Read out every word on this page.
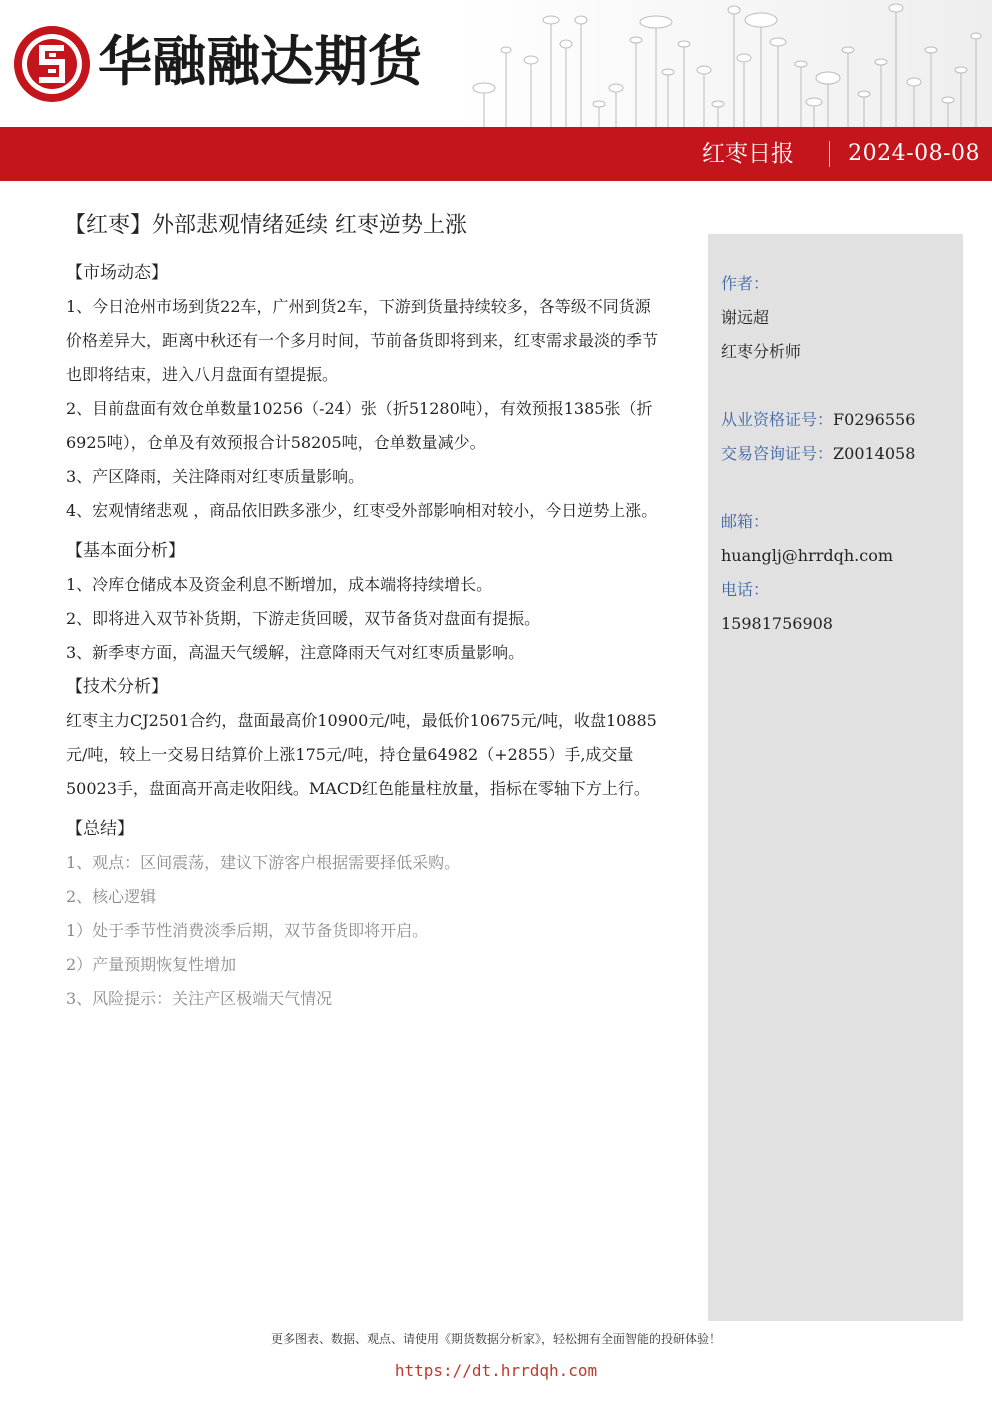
华融融达期货
红枣日报 2024-08-08
【红枣】外部悲观情绪延续 红枣逆势上涨

【市场动态】

1、今日沧州市场到货22车，广州到货2车，下游到货量持续较多，各等级不同货源价格差异大，距离中秋还有一个多月时间，节前备货即将到来，红枣需求最淡的季节也即将结束，进入八月盘面有望提振。

2、目前盘面有效仓单数量10256（-24）张（折51280吨），有效预报1385张（折6925吨），仓单及有效预报合计58205吨，仓单数量减少。

3、产区降雨，关注降雨对红枣质量影响。

4、宏观情绪悲观 ，商品依旧跌多涨少，红枣受外部影响相对较小，今日逆势上涨。

【基本面分析】

1、冷库仓储成本及资金利息不断增加，成本端将持续增长。

2、即将进入双节补货期，下游走货回暖，双节备货对盘面有提振。

3、新季枣方面，高温天气缓解，注意降雨天气对红枣质量影响。

【技术分析】

红枣主力CJ2501合约，盘面最高价10900元/吨，最低价10675元/吨，收盘10885元/吨，较上一交易日结算价上涨175元/吨，持仓量64982（+2855）手,成交量50023手，盘面高开高走收阳线。MACD红色能量柱放量，指标在零轴下方上行。

【总结】

1、观点：区间震荡，建议下游客户根据需要择低采购。

2、核心逻辑

1）处于季节性消费淡季后期，双节备货即将开启。

2）产量预期恢复性增加

3、风险提示：关注产区极端天气情况

作者：

谢远超

红枣分析师

从业资格证号：F0296556

交易咨询证号：Z0014058

邮箱：

huanglj@hrrdqh.com

电话：

15981756908

更多图表、数据、观点、请使用《期货数据分析家》，轻松拥有全面智能的投研体验！
https://dt.hrrdqh.com
